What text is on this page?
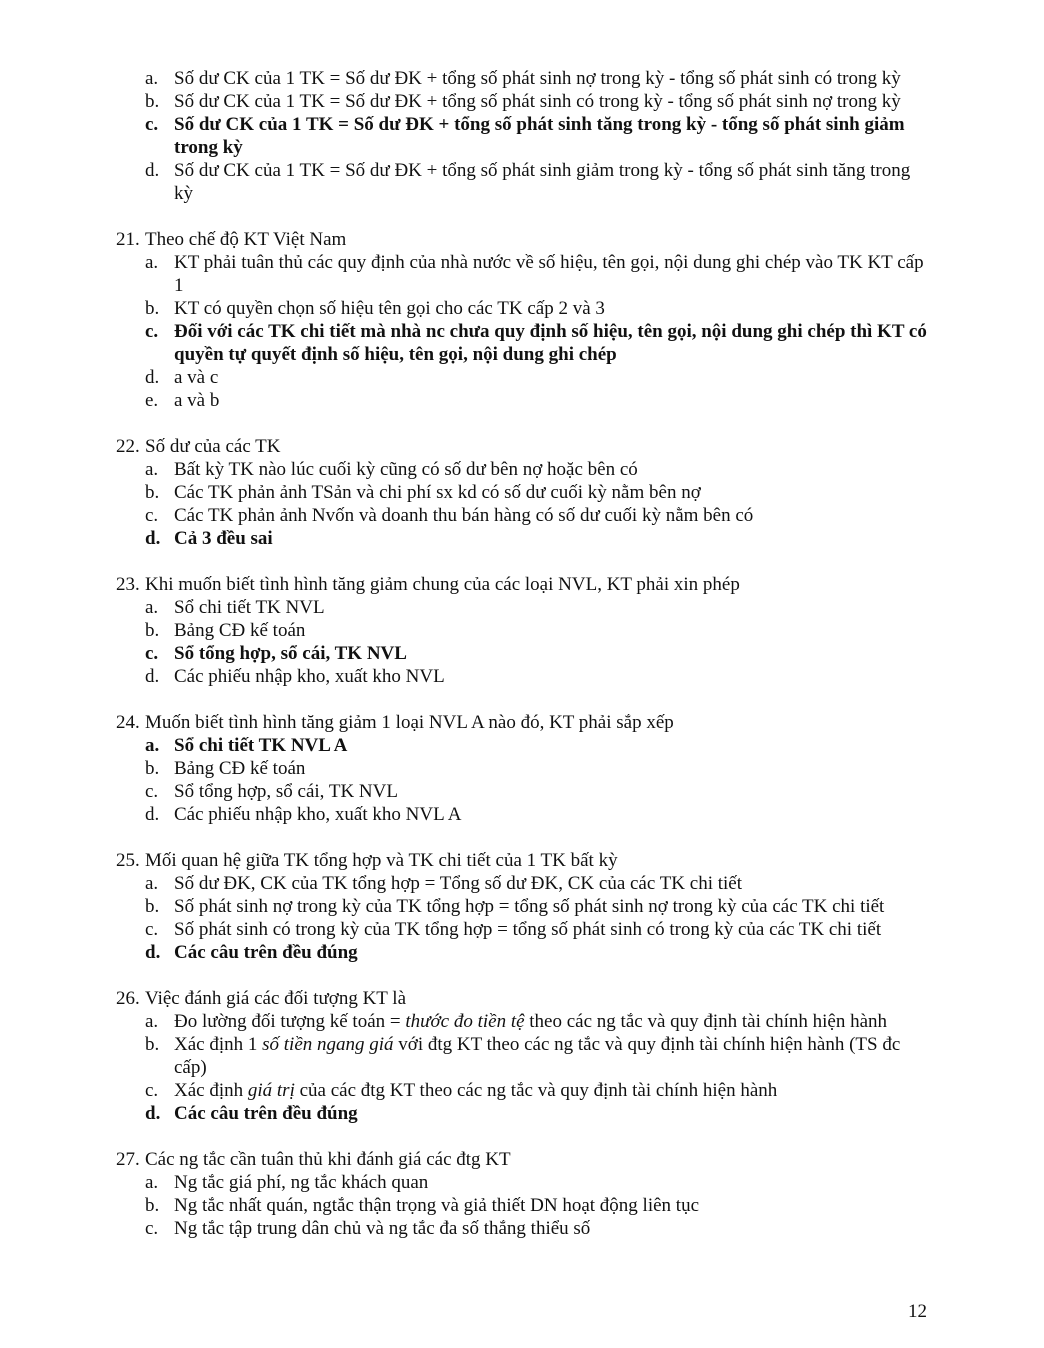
a. Số dư CK của 1 TK = Số dư ĐK + tổng số phát sinh nợ trong kỳ - tổng số phát sinh có trong kỳ
b. Số dư CK của 1 TK = Số dư ĐK + tổng số phát sinh có trong kỳ - tổng số phát sinh nợ trong kỳ
c. Số dư CK của 1 TK = Số dư ĐK + tổng số phát sinh tăng trong kỳ - tổng số phát sinh giảm trong kỳ
d. Số dư CK của 1 TK = Số dư ĐK + tổng số phát sinh giảm trong kỳ - tổng số phát sinh tăng trong kỳ
21. Theo chế độ KT Việt Nam
a. KT phải tuân thủ các quy định của nhà nước về số hiệu, tên gọi, nội dung ghi chép vào TK KT cấp 1
b. KT có quyền chọn số hiệu tên gọi cho các TK cấp 2 và 3
c. Đối với các TK chi tiết mà nhà nc chưa quy định số hiệu, tên gọi, nội dung ghi chép thì KT có quyền tự quyết định số hiệu, tên gọi, nội dung ghi chép
d. a và c
e. a và b
22. Số dư của các TK
a. Bất kỳ TK nào lúc cuối kỳ cũng có số dư bên nợ hoặc bên có
b. Các TK phản ảnh TSản và chi phí sx kd có số dư cuối kỳ nằm bên nợ
c. Các TK phản ảnh Nvốn và doanh thu bán hàng có số dư cuối kỳ nằm bên có
d. Cả 3 đều sai
23. Khi muốn biết tình hình tăng giảm chung của các loại NVL, KT phải xin phép
a. Sổ chi tiết TK NVL
b. Bảng CĐ kế toán
c. Sổ tổng hợp, sổ cái, TK NVL
d. Các phiếu nhập kho, xuất kho NVL
24. Muốn biết tình hình tăng giảm 1 loại NVL A nào đó, KT phải sắp xếp
a. Sổ chi tiết TK NVL A
b. Bảng CĐ kế toán
c. Sổ tổng hợp, sổ cái, TK NVL
d. Các phiếu nhập kho, xuất kho NVL A
25. Mối quan hệ giữa TK tổng hợp và TK chi tiết của 1 TK bất kỳ
a. Số dư ĐK, CK của TK tổng hợp = Tổng số dư ĐK, CK của các TK chi tiết
b. Số phát sinh nợ trong kỳ của TK tổng hợp = tổng số phát sinh nợ trong kỳ của các TK chi tiết
c. Số phát sinh có trong kỳ của TK tổng hợp = tổng số phát sinh có trong kỳ của các TK chi tiết
d. Các câu trên đều đúng
26. Việc đánh giá các đối tượng KT là
a. Đo lường đối tượng kế toán = thước đo tiền tệ theo các ng tắc và quy định tài chính hiện hành
b. Xác định 1 số tiền ngang giá với đtg KT theo các ng tắc và quy định tài chính hiện hành (TS đc cấp)
c. Xác định giá trị của các đtg KT theo các ng tắc và quy định tài chính hiện hành
d. Các câu trên đều đúng
27. Các ng tắc cần tuân thủ khi đánh giá các đtg KT
a. Ng tắc giá phí, ng tắc khách quan
b. Ng tắc nhất quán, ngtắc thận trọng và giả thiết DN hoạt động liên tục
c. Ng tắc tập trung dân chủ và ng tắc đa số thắng thiểu số
12
